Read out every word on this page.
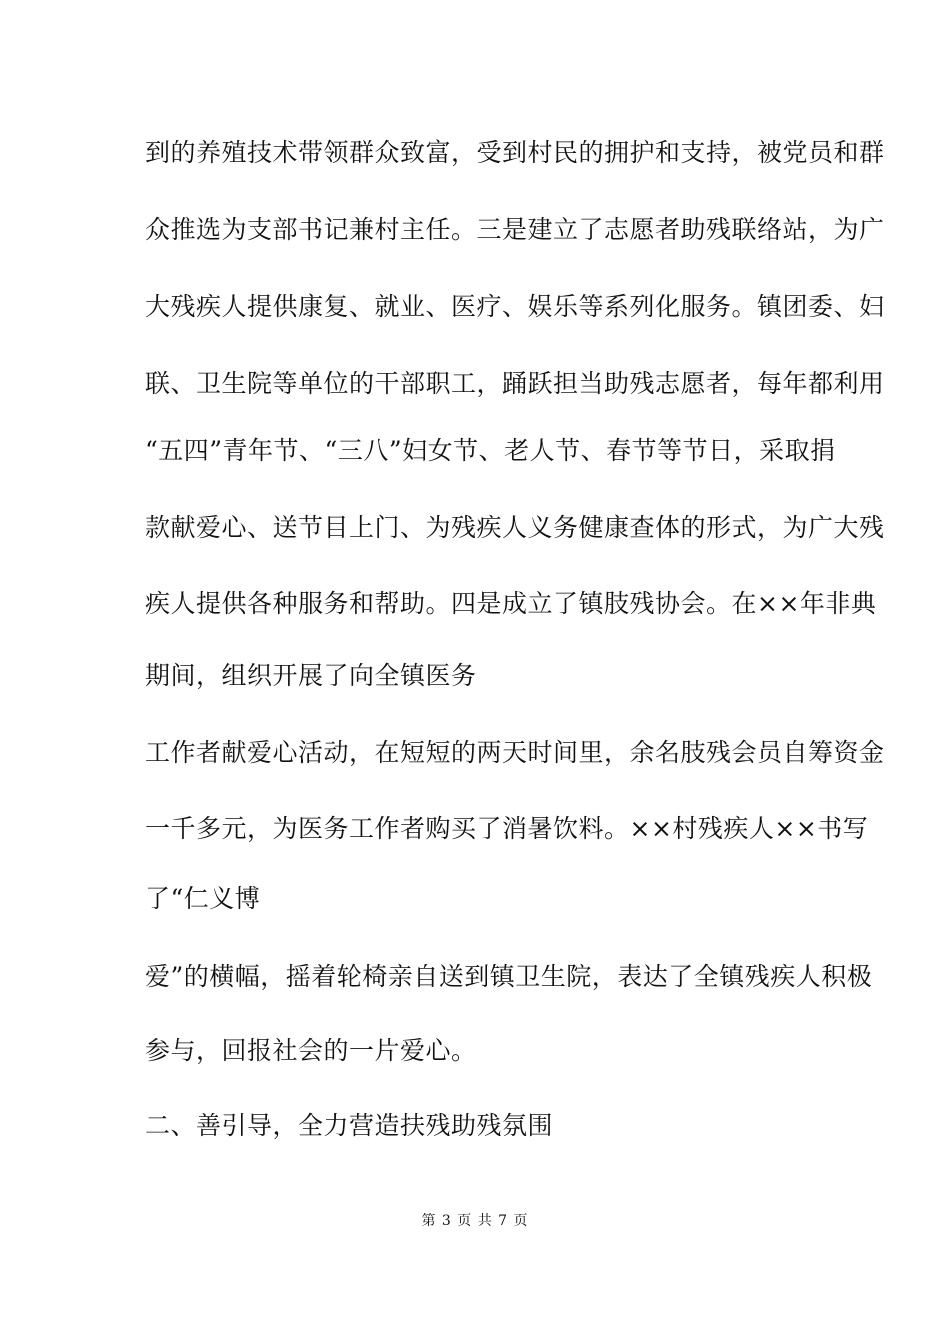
到的养殖技术带领群众致富，受到村民的拥护和支持，被党员和群
众推选为支部书记兼村主任。三是建立了志愿者助残联络站，为广
大残疾人提供康复、就业、医疗、娱乐等系列化服务。镇团委、妇
联、卫生院等单位的干部职工，踊跃担当助残志愿者，每年都利用
“五四”青年节、“三八”妇女节、老人节、春节等节日，采取捐
款献爱心、送节目上门、为残疾人义务健康查体的形式，为广大残
疾人提供各种服务和帮助。四是成立了镇肢残协会。在××年非典
期间，组织开展了向全镇医务
工作者献爱心活动，在短短的两天时间里，余名肢残会员自筹资金
一千多元，为医务工作者购买了消暑饮料。××村残疾人××书写
了“仁义博
爱”的横幅，摇着轮椅亲自送到镇卫生院，表达了全镇残疾人积极
参与，回报社会的一片爱心。
二、善引导，全力营造扶残助残氛围
第 3 页 共 7 页
